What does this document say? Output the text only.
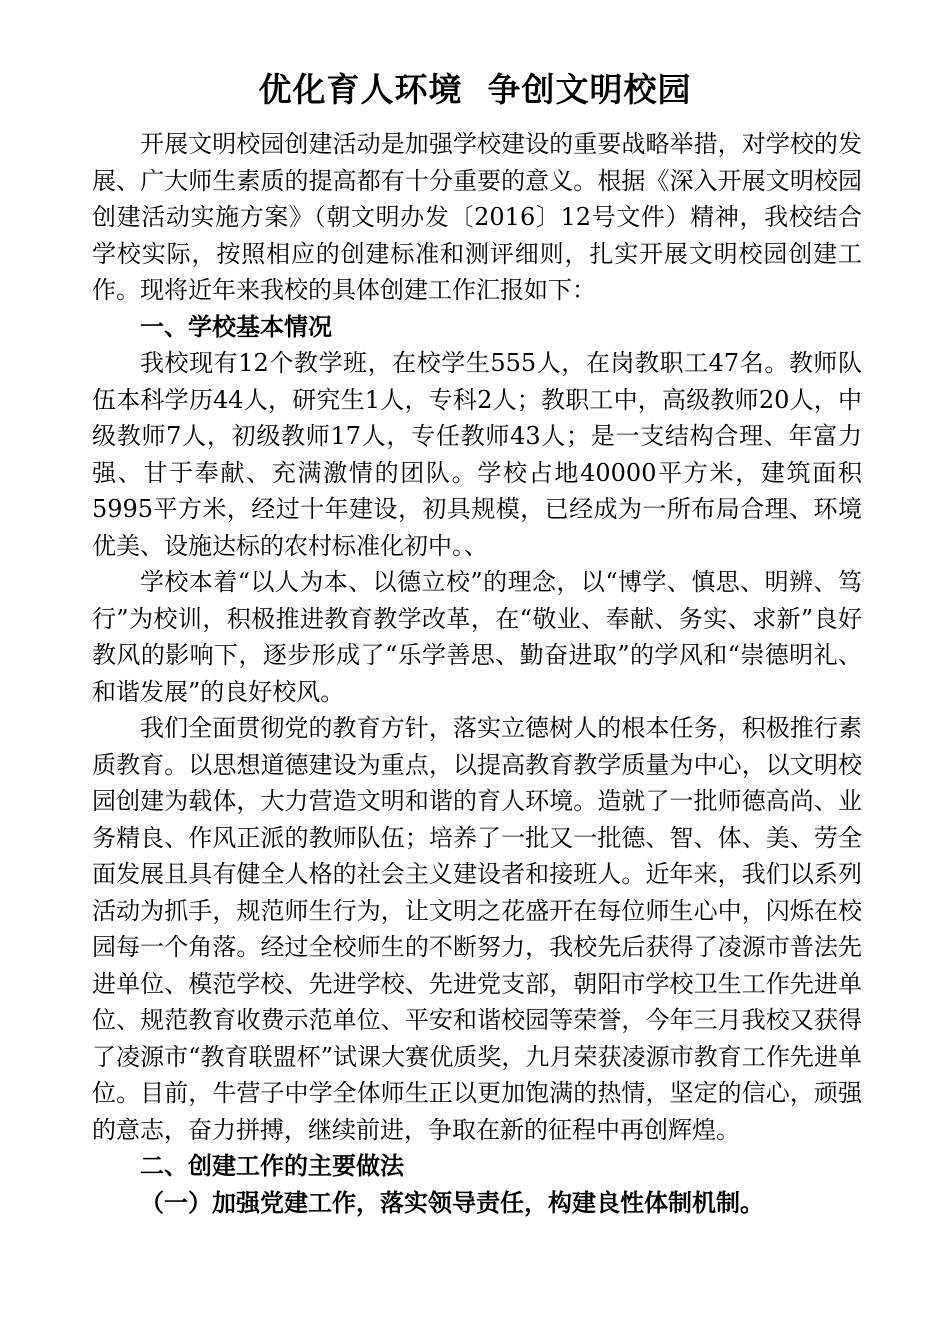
优化育人环境  争创文明校园

开展文明校园创建活动是加强学校建设的重要战略举措，对学校的发展、广大师生素质的提高都有十分重要的意义。根据《深入开展文明校园创建活动实施方案》（朝文明办发〔2016〕12号文件）精神，我校结合学校实际，按照相应的创建标准和测评细则，扎实开展文明校园创建工作。现将近年来我校的具体创建工作汇报如下：

一、学校基本情况

我校现有12个教学班，在校学生555人，在岗教职工47名。教师队伍本科学历44人，研究生1人，专科2人；教职工中，高级教师20人，中级教师7人，初级教师17人，专任教师43人；是一支结构合理、年富力强、甘于奉献、充满激情的团队。学校占地40000平方米，建筑面积5995平方米，经过十年建设，初具规模，已经成为一所布局合理、环境优美、设施达标的农村标准化初中。、

学校本着“以人为本、以德立校”的理念，以“博学、慎思、明辨、笃行”为校训，积极推进教育教学改革，在“敬业、奉献、务实、求新”良好教风的影响下，逐步形成了“乐学善思、勤奋进取”的学风和“崇德明礼、和谐发展”的良好校风。

我们全面贯彻党的教育方针，落实立德树人的根本任务，积极推行素质教育。以思想道德建设为重点，以提高教育教学质量为中心，以文明校园创建为载体，大力营造文明和谐的育人环境。造就了一批师德高尚、业务精良、作风正派的教师队伍；培养了一批又一批德、智、体、美、劳全面发展且具有健全人格的社会主义建设者和接班人。近年来，我们以系列活动为抓手，规范师生行为，让文明之花盛开在每位师生心中，闪烁在校园每一个角落。经过全校师生的不断努力，我校先后获得了凌源市普法先进单位、模范学校、先进学校、先进党支部，朝阳市学校卫生工作先进单位、规范教育收费示范单位、平安和谐校园等荣誉，今年三月我校又获得了凌源市“教育联盟杯”试课大赛优质奖，九月荣获凌源市教育工作先进单位。目前，牛营子中学全体师生正以更加饱满的热情，坚定的信心，顽强的意志，奋力拼搏，继续前进，争取在新的征程中再创辉煌。

二、创建工作的主要做法

（一）加强党建工作，落实领导责任，构建良性体制机制。
